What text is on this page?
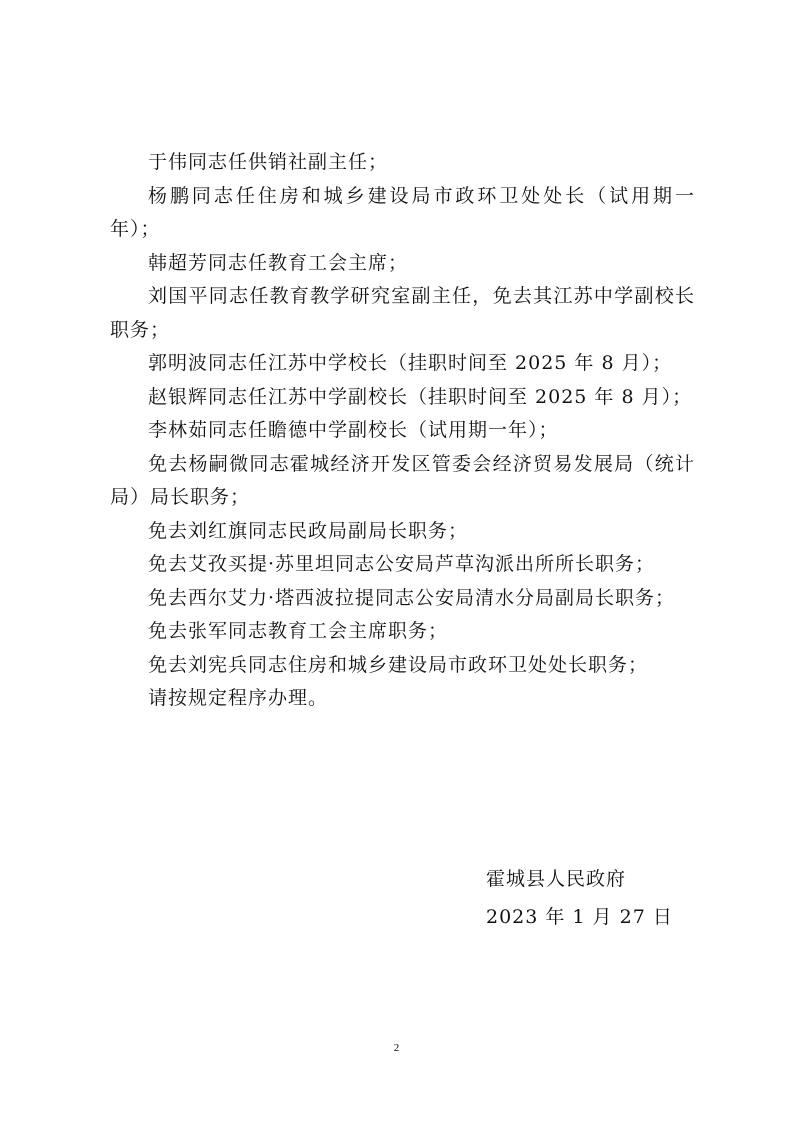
于伟同志任供销社副主任；

杨鹏同志任住房和城乡建设局市政环卫处处长（试用期一年）；

韩超芳同志任教育工会主席；

刘国平同志任教育教学研究室副主任，免去其江苏中学副校长职务；

郭明波同志任江苏中学校长（挂职时间至 2025 年 8 月）；

赵银辉同志任江苏中学副校长（挂职时间至 2025 年 8 月）；

李林茹同志任瞻德中学副校长（试用期一年）；

免去杨嗣微同志霍城经济开发区管委会经济贸易发展局（统计局）局长职务；

免去刘红旗同志民政局副局长职务；

免去艾孜买提·苏里坦同志公安局芦草沟派出所所长职务；

免去西尔艾力·塔西波拉提同志公安局清水分局副局长职务；

免去张军同志教育工会主席职务；

免去刘宪兵同志住房和城乡建设局市政环卫处处长职务；

请按规定程序办理。

霍城县人民政府
2023 年 1 月 27 日
2
